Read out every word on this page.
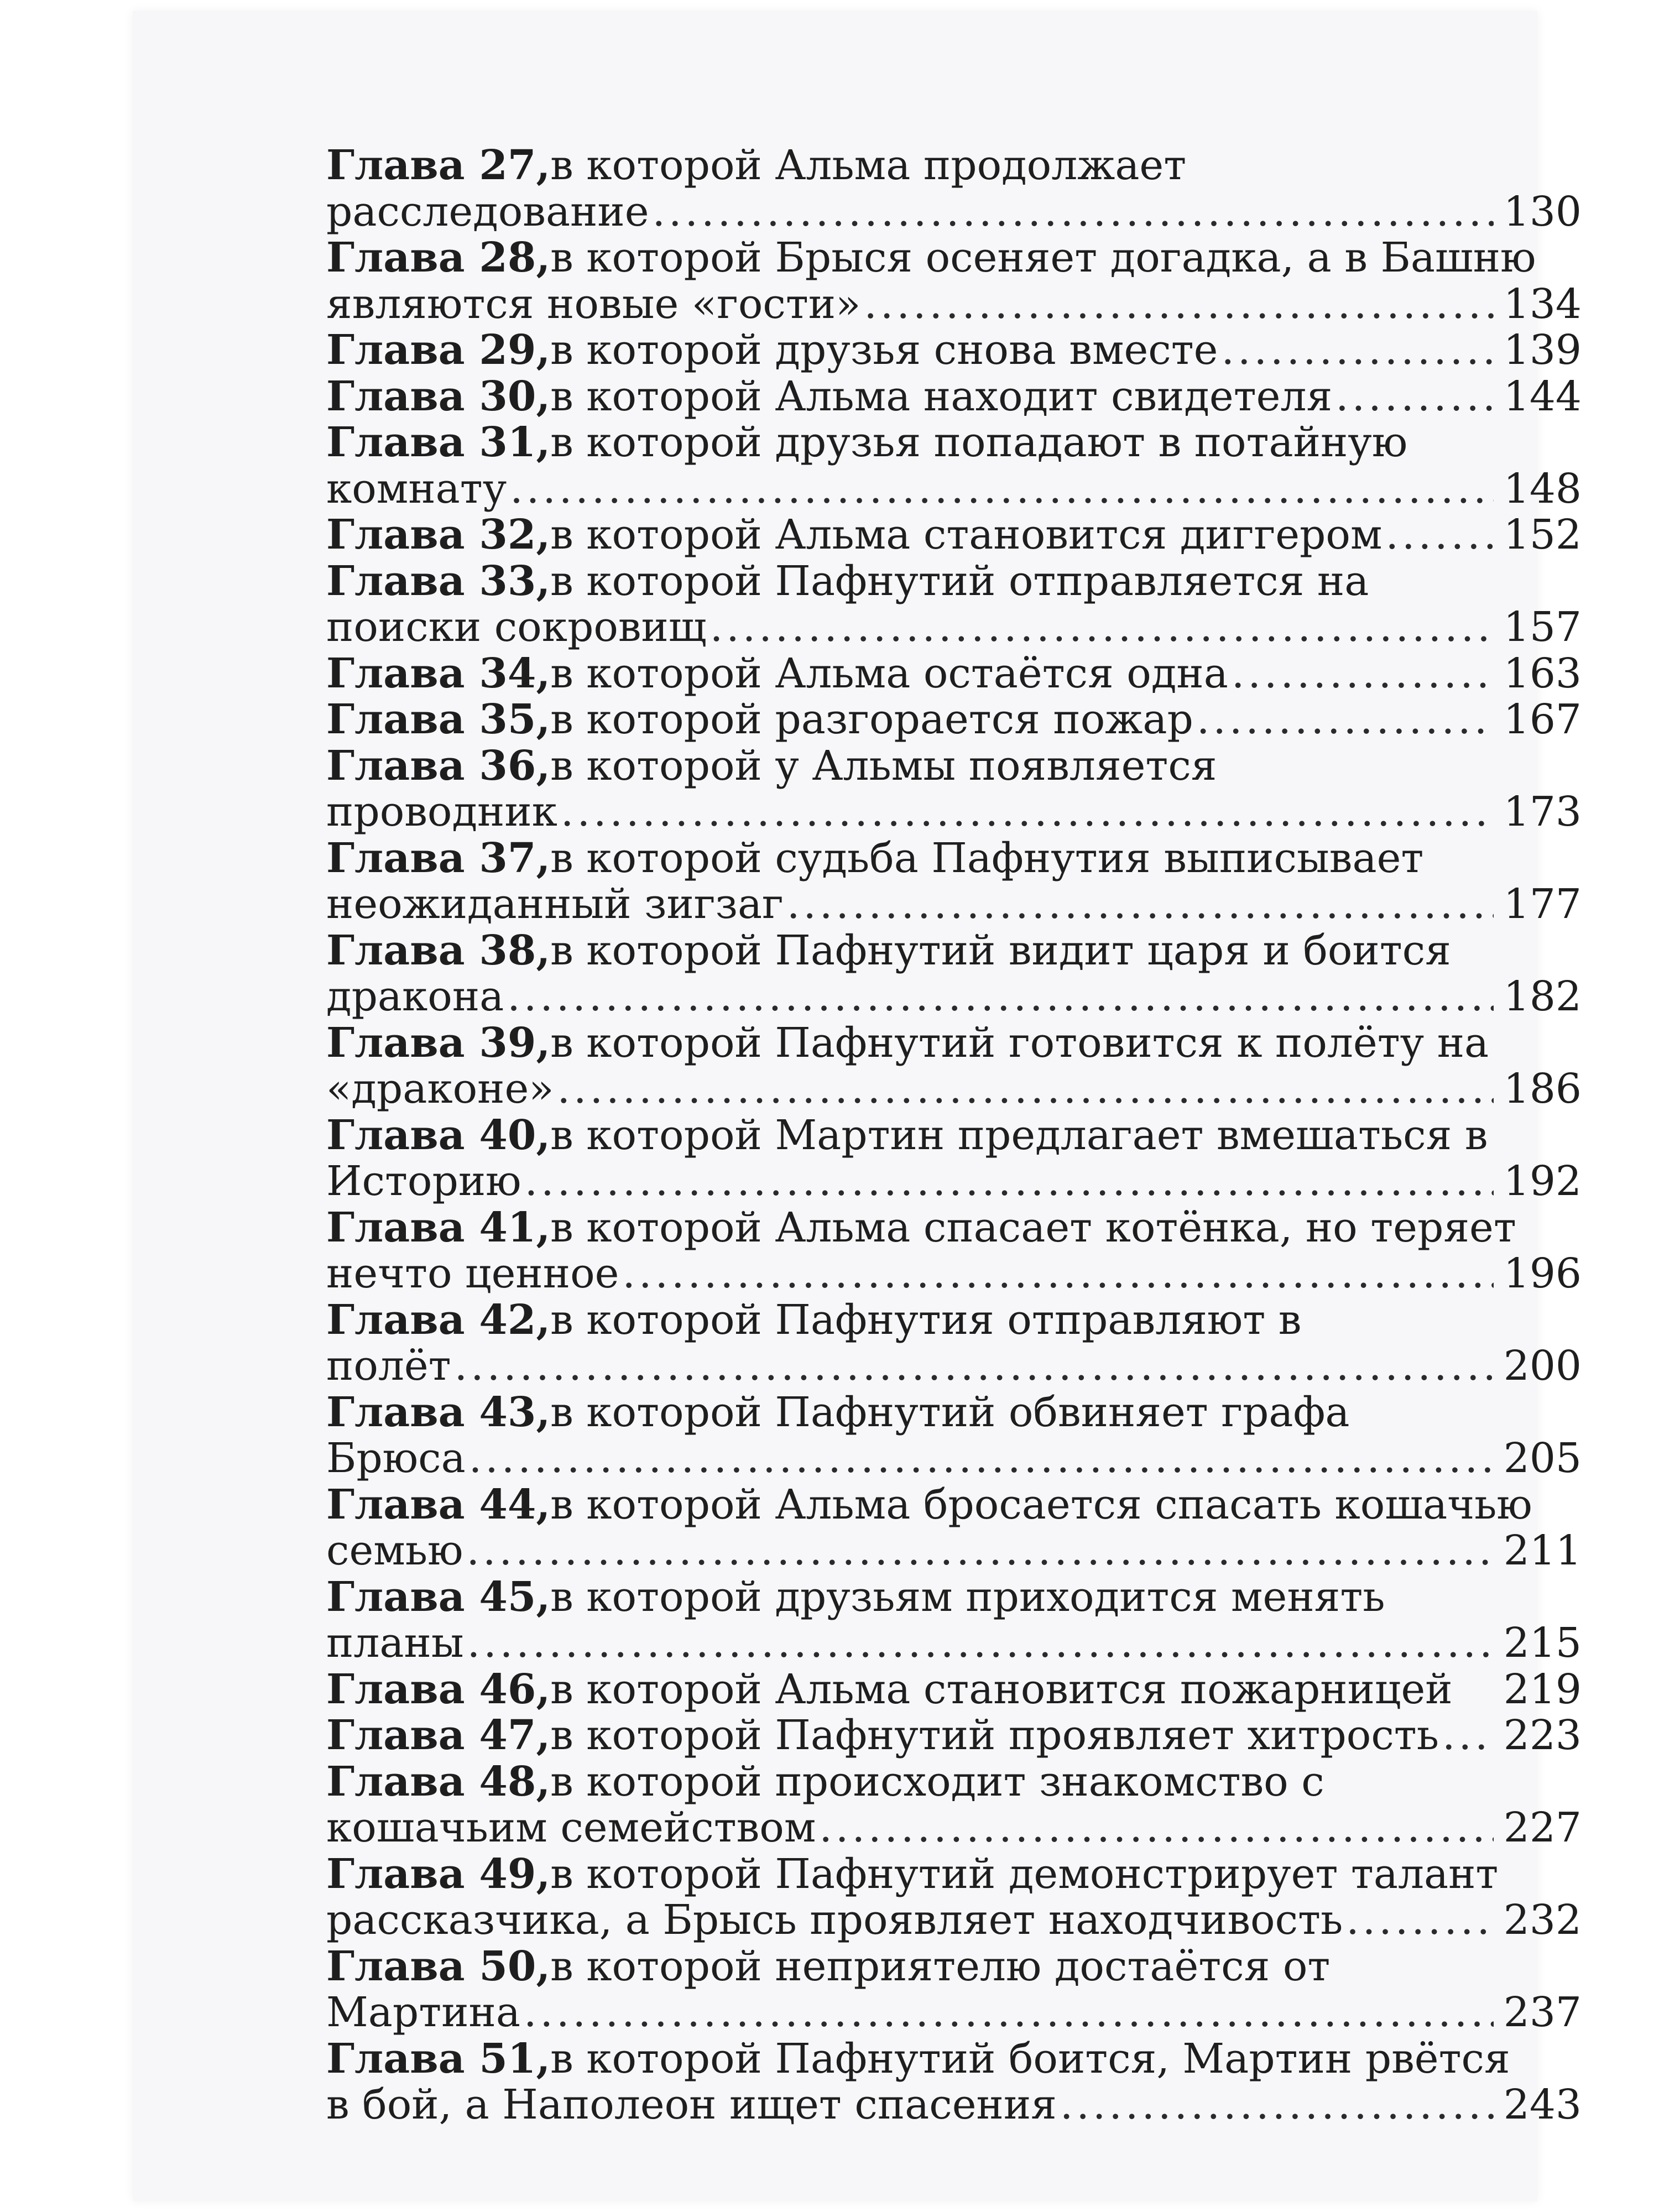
Глава 27, в которой Альма продолжает
расследование .....	130
Глава 28, в которой Брыся осеняет догадка, а в Башню
являются новые «гости» .....	134
Глава 29, в которой друзья снова вместе .....	139
Глава 30, в которой Альма находит свидетеля .....	144
Глава 31, в которой друзья попадают в потайную
комнату .....	148
Глава 32, в которой Альма становится диггером .....	152
Глава 33, в которой Пафнутий отправляется на
поиски сокровищ .....	157
Глава 34, в которой Альма остаётся одна .....	163
Глава 35, в которой разгорается пожар .....	167
Глава 36, в которой у Альмы появляется
проводник .....	173
Глава 37, в которой судьба Пафнутия выписывает
неожиданный зигзаг .....	177
Глава 38, в которой Пафнутий видит царя и боится
дракона .....	182
Глава 39, в которой Пафнутий готовится к полёту на
«драконе» .....	186
Глава 40, в которой Мартин предлагает вмешаться в
Историю .....	192
Глава 41, в которой Альма спасает котёнка, но теряет
нечто ценное .....	196
Глава 42, в которой Пафнутия отправляют в
полёт .....	200
Глава 43, в которой Пафнутий обвиняет графа
Брюса .....	205
Глава 44, в которой Альма бросается спасать кошачью
семью .....	211
Глава 45, в которой друзьям приходится менять
планы .....	215
Глава 46, в которой Альма становится пожарницей 219
Глава 47, в которой Пафнутий проявляет хитрость ..... 223
Глава 48, в которой происходит знакомство с
кошачьим семейством .....	227
Глава 49, в которой Пафнутий демонстрирует талант
рассказчика, а Брысь проявляет находчивость .....	232
Глава 50, в которой неприятелю достаётся от
Мартина .....	237
Глава 51, в которой Пафнутий боится, Мартин рвётся
в бой, а Наполеон ищет спасения .....	243
